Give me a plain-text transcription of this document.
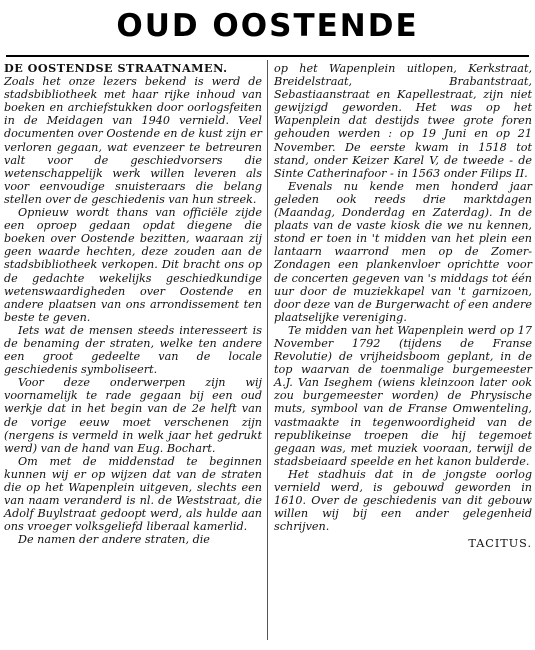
OUD OOSTENDE

DE OOSTENDSE STRAATNAMEN.

Zoals het onze lezers bekend is werd de stadsbibliotheek met haar rijke inhoud van boeken en archiefstukken door oorlogsfeiten in de Meidagen van 1940 vernield. Veel documenten over Oostende en de kust zijn er verloren gegaan, wat evenzeer te betreuren valt voor de geschiedvorsers die wetenschappelijk werk willen leveren als voor eenvoudige snuisteraars die belang stellen over de geschiedenis van hun streek.

Opnieuw wordt thans van officiële zijde een oproep gedaan opdat diegene die boeken over Oostende bezitten, waaraan zij geen waarde hechten, deze zouden aan de stadsbibliotheek verkopen. Dit bracht ons op de gedachte wekelijks geschiedkundige wetenswaardigheden over Oostende en andere plaatsen van ons arrondissement ten beste te geven.

Iets wat de mensen steeds interesseert is de benaming der straten, welke ten andere een groot gedeelte van de locale geschiedenis symboliseert.

Voor deze onderwerpen zijn wij voornamelijk te rade gegaan bij een oud werkje dat in het begin van de 2e helft van de vorige eeuw moet verschenen zijn (nergens is vermeld in welk jaar het gedrukt werd) van de hand van Eug. Bochart.

Om met de middenstad te beginnen kunnen wij er op wijzen dat van de straten die op het Wapenplein uitgeven, slechts een van naam veranderd is nl. de Weststraat, die Adolf Buylstraat gedoopt werd, als hulde aan ons vroeger volksgeliefd liberaal kamerlid.

De namen der andere straten, die

op het Wapenplein uitlopen, Kerkstraat, Breidelstraat, Brabantstraat, Sebastiaanstraat en Kapellestraat, zijn niet gewijzigd geworden. Het was op het Wapenplein dat destijds twee grote foren gehouden werden : op 19 Juni en op 21 November. De eerste kwam in 1518 tot stand, onder Keizer Karel V, de tweede - de Sinte Catherinafoor - in 1563 onder Filips II.

Evenals nu kende men honderd jaar geleden ook reeds drie marktdagen (Maandag, Donderdag en Zaterdag). In de plaats van de vaste kiosk die we nu kennen, stond er toen in 't midden van het plein een lantaarn waarrond men op de Zomer-Zondagen een plankenvloer oprichtte voor de concerten gegeven van 's middags tot één uur door de muziekkapel van 't garnizoen, door deze van de Burgerwacht of een andere plaatselijke vereniging.

Te midden van het Wapenplein werd op 17 November 1792 (tijdens de Franse Revolutie) de vrijheidsboom geplant, in de top waarvan de toenmalige burgemeester A.J. Van Iseghem (wiens kleinzoon later ook zou burgemeester worden) de Phrysische muts, symbool van de Franse Omwenteling, vastmaakte in tegenwoordigheid van de republikeinse troepen die hij tegemoet gegaan was, met muziek vooraan, terwijl de stadsbeiaard speelde en het kanon bulderde.

Het stadhuis dat in de jongste oorlog vernield werd, is gebouwd geworden in 1610. Over de geschiedenis van dit gebouw willen wij bij een ander gelegenheid schrijven.

TACITUS.
